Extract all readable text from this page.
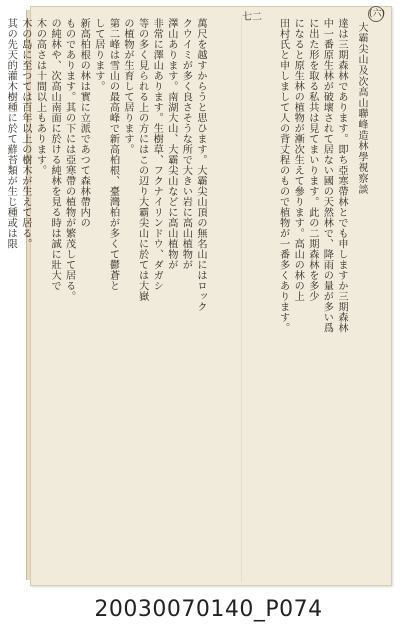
(六)
七二
大霸尖山及次高山聯峰造林學視察談

達は三期森林であります。即ち亞寒帶林とでも申しますか三期森林

中一番原生林が破壞されて居ない國の天然林で、降雨の量が多い爲

に出た形を取る私共は見てまいります。此の二期森林を多少

になると原生林の植物が漸次生えて參ります。高山の林の上

田村氏と申しまして人の背丈程のもので植物が一番多くあります。

萬尺を越すからうと思ひます。大霸尖山頂の無名山にはロック

クウイミが多く良さそうな所で大きい岩に高山植物が

澤山あります。南湖大山、大霸尖山などに高山植物が

非常に澤山あります。生樹草、フクナイリンドウ、ダガシ

等の多く見られる上の方にはこの辺り大霸尖山に於ては大嶽

の植物が生育して居ります。

第二峰は雪山の最高峰で新高柏根、臺灣柏が多くて鬱蒼と

して居ります。

新高柏根の林は實に立派であつて森林帶内の

ものであります。其の下には亞寒帶の植物が繁茂して居る。

の純林や、次高山南面に於ける純林を見る時は誠に壯大で

木の高さは十間以上もあります。

木の島に至つては百年以上の樹木が生えて居る。

其の先天的灌木樹種に於て蘚苔類が生じ種或は限

20030070140_P074
